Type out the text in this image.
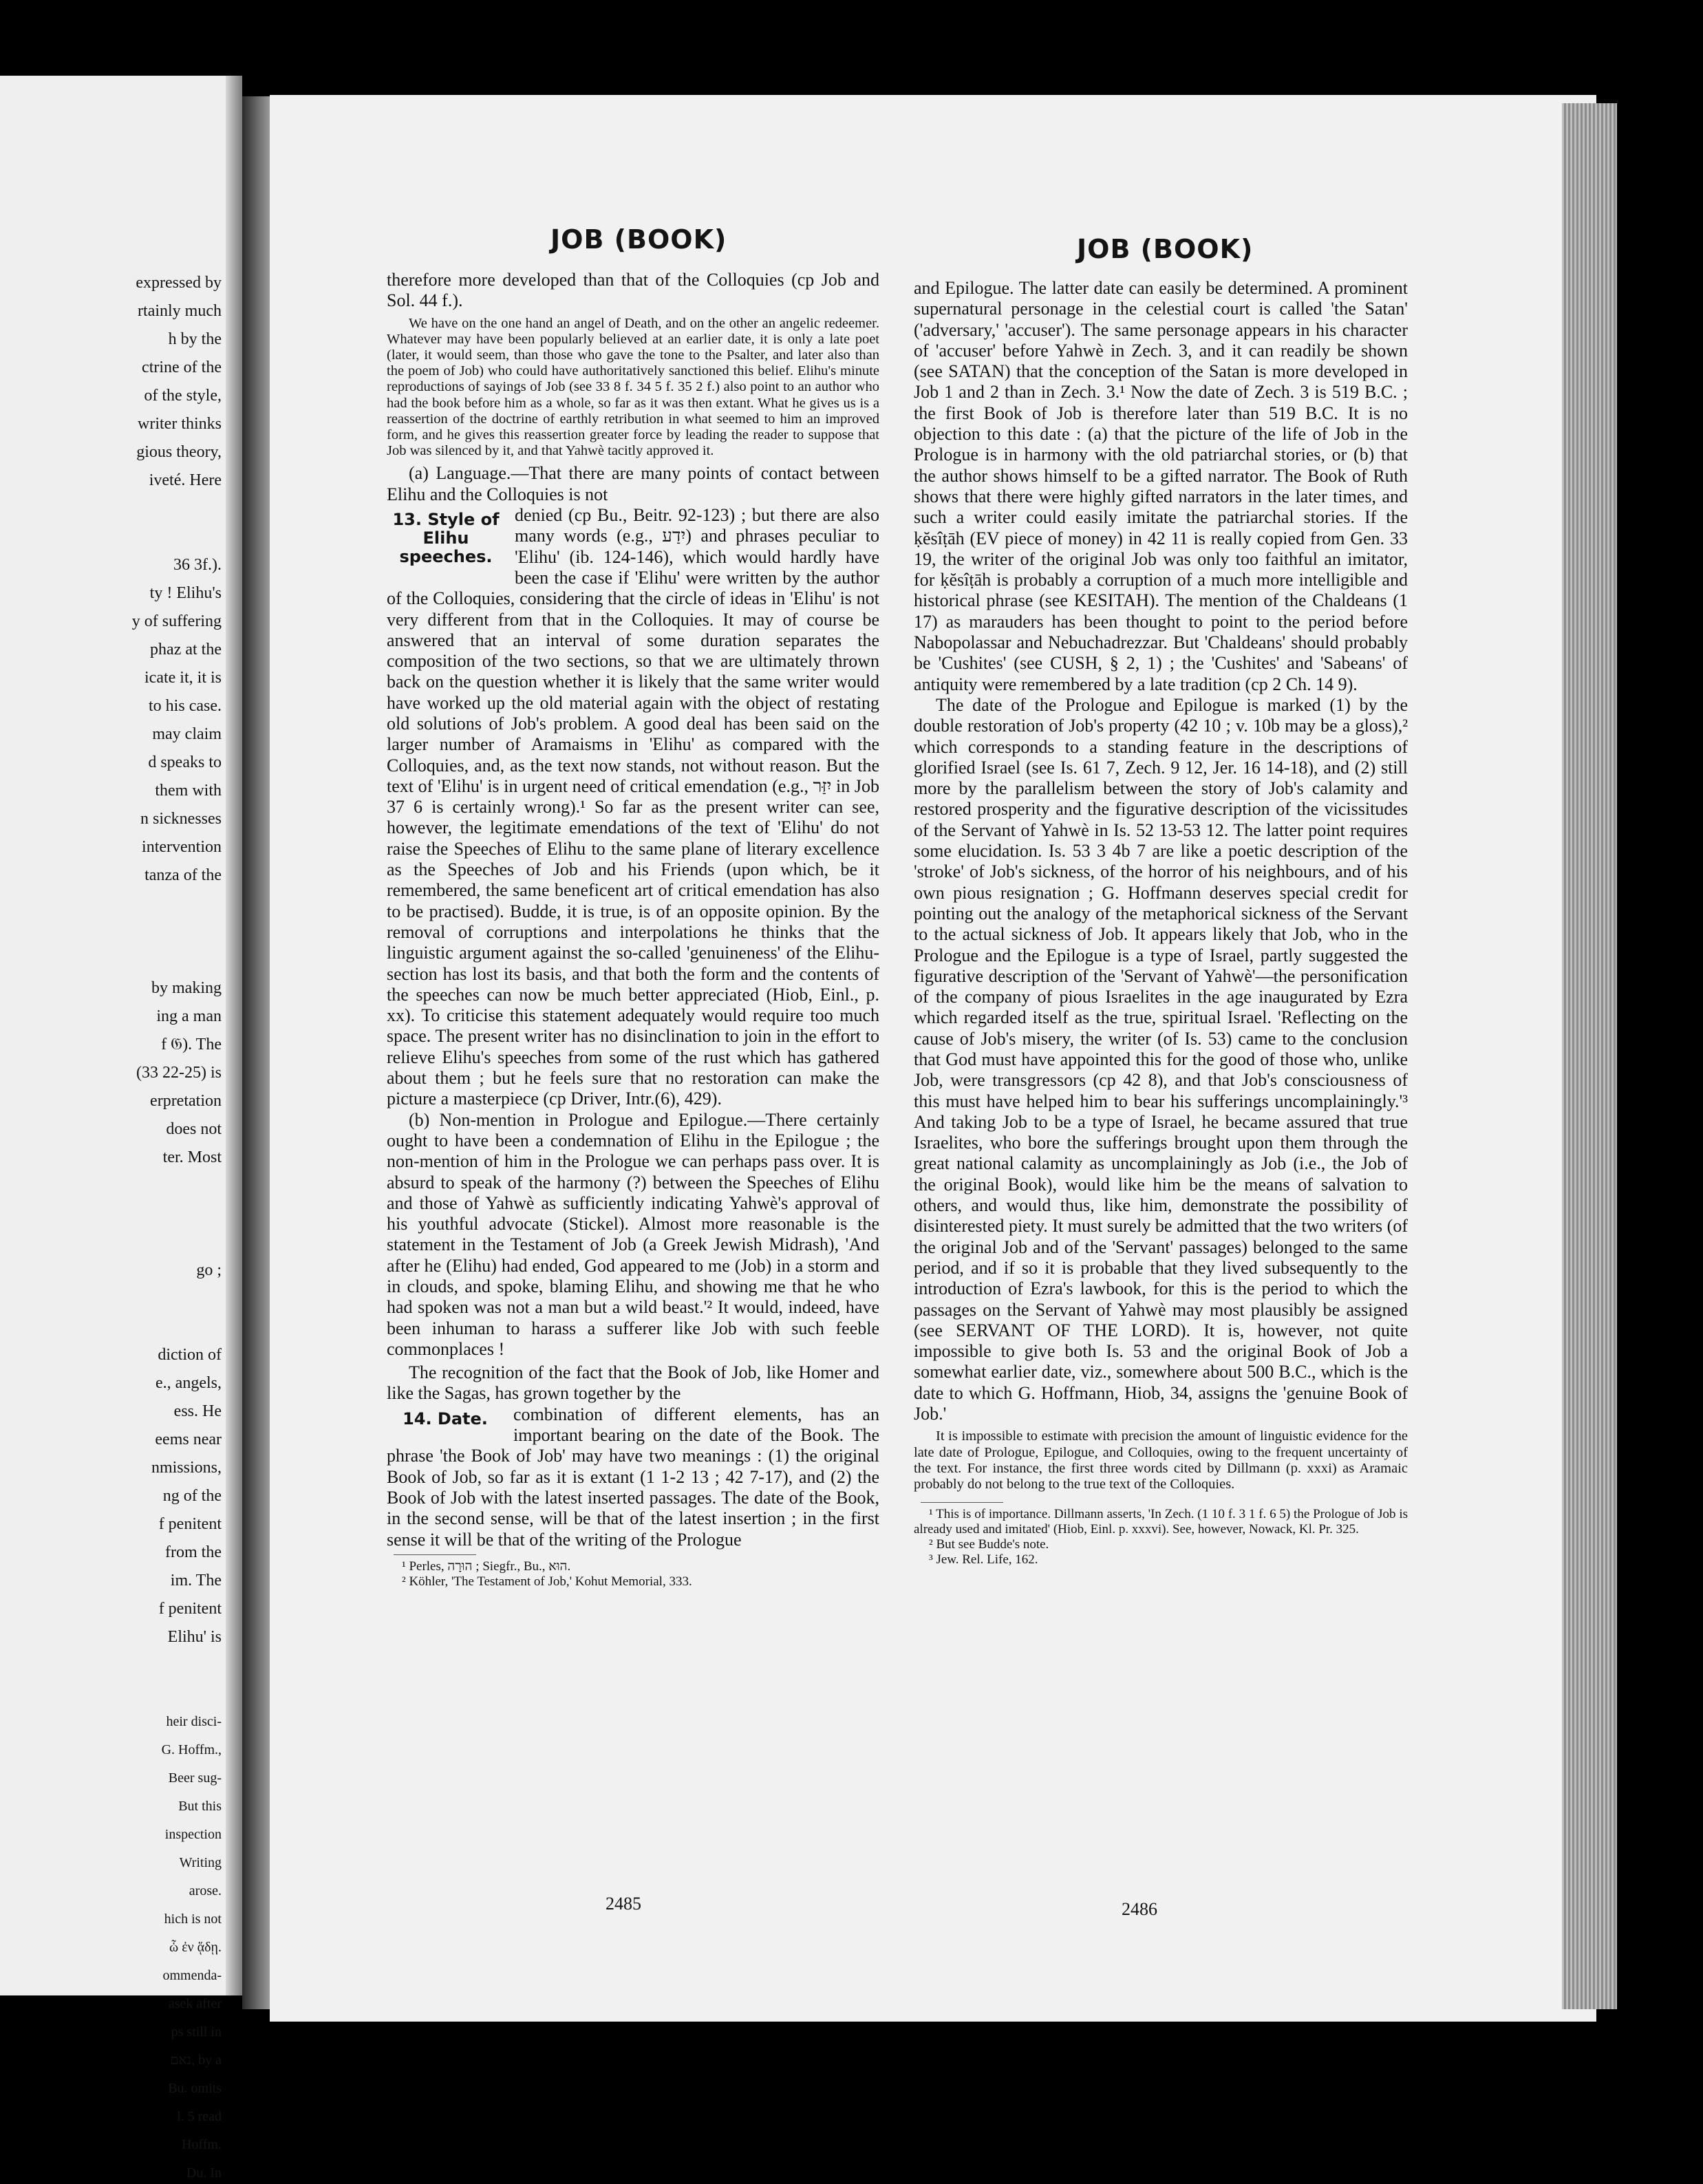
expressed by
rtainly much
h by the
ctrine of the
of the style,
writer thinks
gious theory,
iveté. Here
36 3f.).
ty ! Elihu's
y of suffering
phaz at the
icate it, it is
to his case.
may claim
d speaks to
them with
n sicknesses
intervention
tanza of the
by making
ing a man
f 𝔊). The
(33 22-25) is
erpretation
does not
ter. Most
go ;
diction of
e., angels,
ess. He
eems near
nmissions,
ng of the
f penitent
from the
im. The
f penitent
Elihu' is
heir disci-
G. Hoffm.,
Beer sug-
But this
inspection
Writing
arose.
hich is not
ὧ ἐν ᾅδῃ.
ommenda-
asek after
ps still in
נאם, by a
Bu. omits
l. 5 read
Hoffm.
Du. In
JOB (BOOK)	JOB (BOOK)

therefore more developed than that of the Colloquies (cp Job and Sol. 44 f.).

We have on the one hand an angel of Death, and on the other an angelic redeemer. Whatever may have been popularly believed at an earlier date, it is only a late poet (later, it would seem, than those who gave the tone to the Psalter, and later also than the poem of Job) who could have authoritatively sanctioned this belief. Elihu's minute reproductions of sayings of Job (see 33 8 f. 34 5 f. 35 2 f.) also point to an author who had the book before him as a whole, so far as it was then extant. What he gives us is a reassertion of the doctrine of earthly retribution in what seemed to him an improved form, and he gives this reassertion greater force by leading the reader to suppose that Job was silenced by it, and that Yahwè tacitly approved it.

(a) Language.—That there are many points of contact between Elihu and the Colloquies is not

13. Style of Elihu speeches.

denied (cp Bu., Beitr. 92-123) ; but there are also many words (e.g., יִדַע) and phrases peculiar to 'Elihu' (ib. 124-146), which would hardly have been the case if 'Elihu' were written by the author of the Colloquies, considering that the circle of ideas in 'Elihu' is not very different from that in the Colloquies. It may of course be answered that an interval of some duration separates the composition of the two sections, so that we are ultimately thrown back on the question whether it is likely that the same writer would have worked up the old material again with the object of restating old solutions of Job's problem. A good deal has been said on the larger number of Aramaisms in 'Elihu' as compared with the Colloquies, and, as the text now stands, not without reason. But the text of 'Elihu' is in urgent need of critical emendation (e.g., יִזַּר in Job 37 6 is certainly wrong).¹ So far as the present writer can see, however, the legitimate emendations of the text of 'Elihu' do not raise the Speeches of Elihu to the same plane of literary excellence as the Speeches of Job and his Friends (upon which, be it remembered, the same beneficent art of critical emendation has also to be practised). Budde, it is true, is of an opposite opinion. By the removal of corruptions and interpolations he thinks that the linguistic argument against the so-called 'genuineness' of the Elihu-section has lost its basis, and that both the form and the contents of the speeches can now be much better appreciated (Hiob, Einl., p. xx). To criticise this statement adequately would require too much space. The present writer has no disinclination to join in the effort to relieve Elihu's speeches from some of the rust which has gathered about them ; but he feels sure that no restoration can make the picture a masterpiece (cp Driver, Intr.(6), 429).

(b) Non-mention in Prologue and Epilogue.—There certainly ought to have been a condemnation of Elihu in the Epilogue ; the non-mention of him in the Prologue we can perhaps pass over. It is absurd to speak of the harmony (?) between the Speeches of Elihu and those of Yahwè as sufficiently indicating Yahwè's approval of his youthful advocate (Stickel). Almost more reasonable is the statement in the Testament of Job (a Greek Jewish Midrash), 'And after he (Elihu) had ended, God appeared to me (Job) in a storm and in clouds, and spoke, blaming Elihu, and showing me that he who had spoken was not a man but a wild beast.'² It would, indeed, have been inhuman to harass a sufferer like Job with such feeble commonplaces !

The recognition of the fact that the Book of Job, like Homer and like the Sagas, has grown together by the

14. Date.	combination of different elements, has an important bearing on the date of the Book. The phrase 'the Book of Job' may have two meanings : (1) the original Book of Job, so far as it is extant (1 1-2 13 ; 42 7-17), and (2) the Book of Job with the latest inserted passages. The date of the Book, in the second sense, will be that of the latest insertion ; in the first sense it will be that of the writing of the Prologue

¹ Perles, הוּרָה ; Siegfr., Bu., הוּא.

² Köhler, 'The Testament of Job,' Kohut Memorial, 333.

2485

and Epilogue. The latter date can easily be determined. A prominent supernatural personage in the celestial court is called 'the Satan' ('adversary,' 'accuser'). The same personage appears in his character of 'accuser' before Yahwè in Zech. 3, and it can readily be shown (see SATAN) that the conception of the Satan is more developed in Job 1 and 2 than in Zech. 3.¹ Now the date of Zech. 3 is 519 B.C. ; the first Book of Job is therefore later than 519 B.C. It is no objection to this date : (a) that the picture of the life of Job in the Prologue is in harmony with the old patriarchal stories, or (b) that the author shows himself to be a gifted narrator. The Book of Ruth shows that there were highly gifted narrators in the later times, and such a writer could easily imitate the patriarchal stories. If the ḳĕsîṭāh (EV piece of money) in 42 11 is really copied from Gen. 33 19, the writer of the original Job was only too faithful an imitator, for ḳĕsîṭāh is probably a corruption of a much more intelligible and historical phrase (see KESITAH). The mention of the Chaldeans (1 17) as marauders has been thought to point to the period before Nabopolassar and Nebuchadrezzar. But 'Chaldeans' should probably be 'Cushites' (see CUSH, § 2, 1) ; the 'Cushites' and 'Sabeans' of antiquity were remembered by a late tradition (cp 2 Ch. 14 9).

The date of the Prologue and Epilogue is marked (1) by the double restoration of Job's property (42 10 ; v. 10b may be a gloss),² which corresponds to a standing feature in the descriptions of glorified Israel (see Is. 61 7, Zech. 9 12, Jer. 16 14-18), and (2) still more by the parallelism between the story of Job's calamity and restored prosperity and the figurative description of the vicissitudes of the Servant of Yahwè in Is. 52 13-53 12. The latter point requires some elucidation. Is. 53 3 4b 7 are like a poetic description of the 'stroke' of Job's sickness, of the horror of his neighbours, and of his own pious resignation ; G. Hoffmann deserves special credit for pointing out the analogy of the metaphorical sickness of the Servant to the actual sickness of Job. It appears likely that Job, who in the Prologue and the Epilogue is a type of Israel, partly suggested the figurative description of the 'Servant of Yahwè'—the personification of the company of pious Israelites in the age inaugurated by Ezra which regarded itself as the true, spiritual Israel. 'Reflecting on the cause of Job's misery, the writer (of Is. 53) came to the conclusion that God must have appointed this for the good of those who, unlike Job, were transgressors (cp 42 8), and that Job's consciousness of this must have helped him to bear his sufferings uncomplainingly.'³ And taking Job to be a type of Israel, he became assured that true Israelites, who bore the sufferings brought upon them through the great national calamity as uncomplainingly as Job (i.e., the Job of the original Book), would like him be the means of salvation to others, and would thus, like him, demonstrate the possibility of disinterested piety. It must surely be admitted that the two writers (of the original Job and of the 'Servant' passages) belonged to the same period, and if so it is probable that they lived subsequently to the introduction of Ezra's lawbook, for this is the period to which the passages on the Servant of Yahwè may most plausibly be assigned (see SERVANT OF THE LORD). It is, however, not quite impossible to give both Is. 53 and the original Book of Job a somewhat earlier date, viz., somewhere about 500 B.C., which is the date to which G. Hoffmann, Hiob, 34, assigns the 'genuine Book of Job.'

It is impossible to estimate with precision the amount of linguistic evidence for the late date of Prologue, Epilogue, and Colloquies, owing to the frequent uncertainty of the text. For instance, the first three words cited by Dillmann (p. xxxi) as Aramaic probably do not belong to the true text of the Colloquies.

¹ This is of importance. Dillmann asserts, 'In Zech. (1 10 f. 3 1 f. 6 5) the Prologue of Job is already used and imitated' (Hiob, Einl. p. xxxvi). See, however, Nowack, Kl. Pr. 325.

² But see Budde's note.

³ Jew. Rel. Life, 162.

2486
